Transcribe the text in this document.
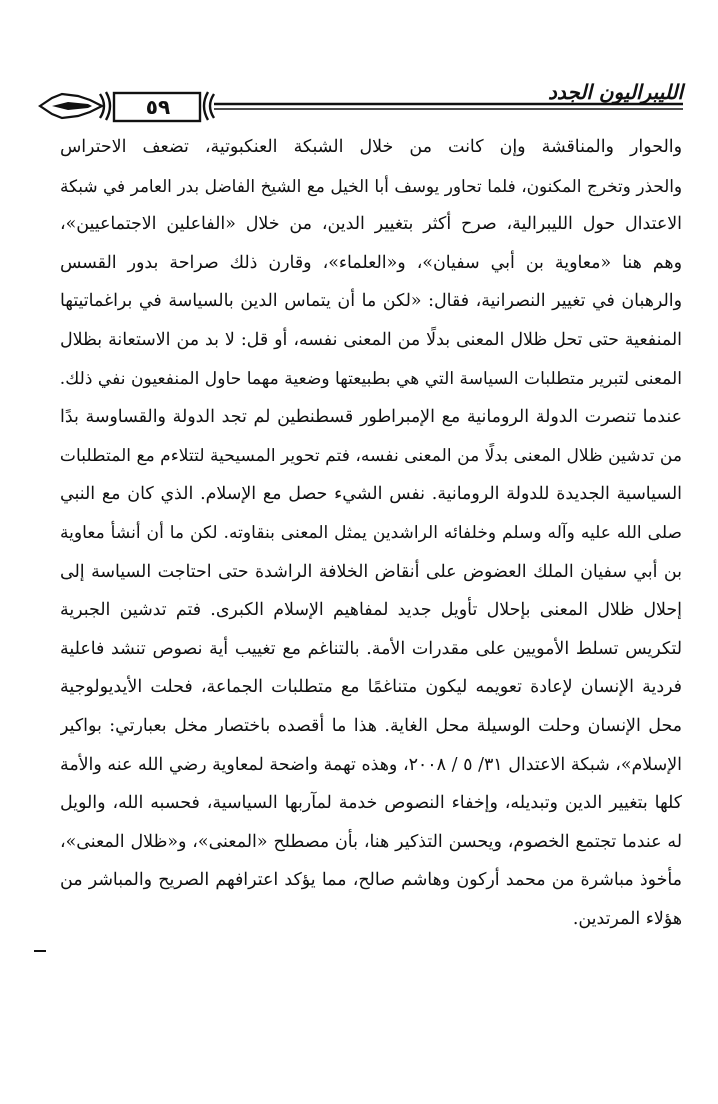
٥٩
الليبراليون الجدد
والحوار والمناقشة وإن كانت من خلال الشبكة العنكبوتية، تضعف الاحتراس
والحذر وتخرج المكنون، فلما تحاور يوسف أبا الخيل مع الشيخ الفاضل بدر العامر في شبكة
الاعتدال حول الليبرالية، صرح أكثر بتغيير الدين، من خلال «الفاعلين الاجتماعيين»،
وهم هنا «معاوية بن أبي سفيان»، و«العلماء»، وقارن ذلك صراحة بدور القسس
والرهبان في تغيير النصرانية، فقال: «لكن ما أن يتماس الدين بالسياسة في براغماتيتها
المنفعية حتى تحل ظلال المعنى بدلًا من المعنى نفسه، أو قل: لا بد من الاستعانة بظلال
المعنى لتبرير متطلبات السياسة التي هي بطبيعتها وضعية مهما حاول المنفعيون نفي ذلك.
عندما تنصرت الدولة الرومانية مع الإمبراطور قسطنطين لم تجد الدولة والقساوسة بدًا
من تدشين ظلال المعنى بدلًا من المعنى نفسه، فتم تحوير المسيحية لتتلاءم مع المتطلبات
السياسية الجديدة للدولة الرومانية. نفس الشيء حصل مع الإسلام. الذي كان مع النبي
صلى الله عليه وآله وسلم وخلفائه الراشدين يمثل المعنى بنقاوته. لكن ما أن أنشأ معاوية
بن أبي سفيان الملك العضوض على أنقاض الخلافة الراشدة حتى احتاجت السياسة إلى
إحلال ظلال المعنى بإحلال تأويل جديد لمفاهيم الإسلام الكبرى. فتم تدشين الجبرية
لتكريس تسلط الأمويين على مقدرات الأمة. بالتناغم مع تغييب أية نصوص تنشد فاعلية
فردية الإنسان لإعادة تعويمه ليكون متناغمًا مع متطلبات الجماعة، فحلت الأيديولوجية
محل الإنسان وحلت الوسيلة محل الغاية. هذا ما أقصده باختصار مخل بعبارتي: بواكير
الإسلام»، شبكة الاعتدال ٣١/ ٥ / ٢٠٠٨، وهذه تهمة واضحة لمعاوية رضي الله عنه والأمة
كلها بتغيير الدين وتبديله، وإخفاء النصوص خدمة لمآربها السياسية، فحسبه الله، والويل
له عندما تجتمع الخصوم، ويحسن التذكير هنا، بأن مصطلح «المعنى»، و«ظلال المعنى»،
مأخوذ مباشرة من محمد أركون وهاشم صالح، مما يؤكد اعترافهم الصريح والمباشر من
هؤلاء المرتدين.
